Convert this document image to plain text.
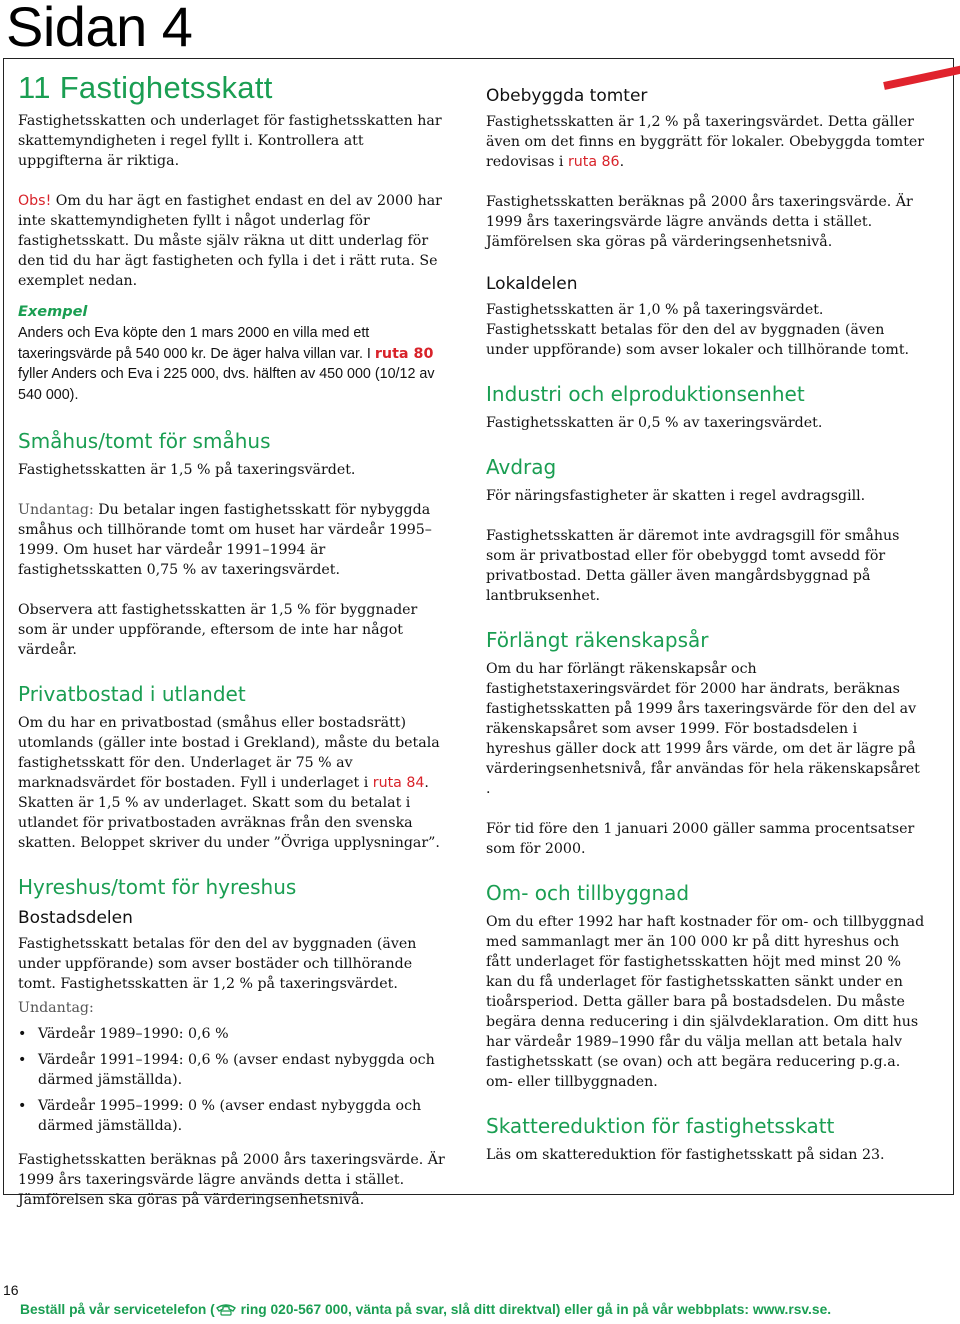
Sidan 4
11 Fastighetsskatt

Fastighetsskatten och underlaget för fastighetsskatten har skattemyndigheten i regel fyllt i. Kontrollera att uppgifterna är riktiga.

Obs! Om du har ägt en fastighet endast en del av 2000 har inte skattemyndigheten fyllt i något underlag för fastighetsskatt. Du måste själv räkna ut ditt underlag för den tid du har ägt fastigheten och fylla i det i rätt ruta. Se exemplet nedan.

Exempel
Anders och Eva köpte den 1 mars 2000 en villa med ett taxeringsvärde på 540 000 kr. De äger halva villan var. I ruta 80 fyller Anders och Eva i 225 000, dvs. hälften av 450 000 (10/12 av 540 000).
Småhus/tomt för småhus

Fastighetsskatten är 1,5 % på taxeringsvärdet.

Undantag: Du betalar ingen fastighetsskatt för nybyggda småhus och tillhörande tomt om huset har värdeår 1995–1999. Om huset har värdeår 1991–1994 är fastighetsskatten 0,75 % av taxeringsvärdet.

Observera att fastighetsskatten är 1,5 % för byggnader som är under uppförande, eftersom de inte har något värdeår.

Privatbostad i utlandet

Om du har en privatbostad (småhus eller bostadsrätt) utomlands (gäller inte bostad i Grekland), måste du betala fastighetsskatt för den. Underlaget är 75 % av marknadsvärdet för bostaden. Fyll i underlaget i ruta 84. Skatten är 1,5 % av underlaget. Skatt som du betalat i utlandet för privatbostaden avräknas från den svenska skatten. Beloppet skriver du under ”Övriga upplysningar”.

Hyreshus/tomt för hyreshus
Bostadsdelen

Fastighetsskatt betalas för den del av byggnaden (även under uppförande) som avser bostäder och tillhörande tomt. Fastighetsskatten är 1,2 % på taxeringsvärdet.

Undantag:

• Värdeår 1989–1990: 0,6 %
• Värdeår 1991–1994: 0,6 % (avser endast nybyggda och därmed jämställda).
• Värdeår 1995–1999: 0 % (avser endast nybyggda och därmed jämställda).

Fastighetsskatten beräknas på 2000 års taxeringsvärde. Är 1999 års taxeringsvärde lägre används detta i stället. Jämförelsen ska göras på värderingsenhetsnivå.

Obebyggda tomter

Fastighetsskatten är 1,2 % på taxeringsvärdet. Detta gäller även om det finns en byggrätt för lokaler. Obebyggda tomter redovisas i ruta 86.

Fastighetsskatten beräknas på 2000 års taxeringsvärde. Är 1999 års taxeringsvärde lägre används detta i stället. Jämförelsen ska göras på värderingsenhetsnivå.

Lokaldelen

Fastighetsskatten är 1,0 % på taxeringsvärdet. Fastighetsskatt betalas för den del av byggnaden (även under uppförande) som avser lokaler och tillhörande tomt.

Industri och elproduktionsenhet

Fastighetsskatten är 0,5 % av taxeringsvärdet.

Avdrag

För näringsfastigheter är skatten i regel avdragsgill.

Fastighetsskatten är däremot inte avdragsgill för småhus som är privatbostad eller för obebyggd tomt avsedd för privatbostad. Detta gäller även mangårdsbyggnad på lantbruksenhet.

Förlängt räkenskapsår

Om du har förlängt räkenskapsår och fastighetstaxeringsvärdet för 2000 har ändrats, beräknas fastighetsskatten på 1999 års taxeringsvärde för den del av räkenskapsåret som avser 1999. För bostadsdelen i hyreshus gäller dock att 1999 års värde, om det är lägre på värderingsenhetsnivå, får användas för hela räkenskapsåret .

För tid före den 1 januari 2000 gäller samma procentsatser som för 2000.

Om- och tillbyggnad

Om du efter 1992 har haft kostnader för om- och tillbyggnad med sammanlagt mer än 100 000 kr på ditt hyreshus och fått underlaget för fastighetsskatten höjt med minst 20 % kan du få underlaget för fastighetsskatten sänkt under en tioårsperiod. Detta gäller bara på bostadsdelen. Du måste begära denna reducering i din självdeklaration. Om ditt hus har värdeår 1989–1990 får du välja mellan att betala halv fastighetsskatt (se ovan) och att begära reducering p.g.a. om- eller tillbyggnaden.

Skattereduktion för fastighetsskatt

Läs om skattereduktion för fastighetsskatt på sidan 23.

16
Beställ på vår servicetelefon ( ring 020-567 000, vänta på svar, slå ditt direktval) eller gå in på vår webbplats: www.rsv.se.
